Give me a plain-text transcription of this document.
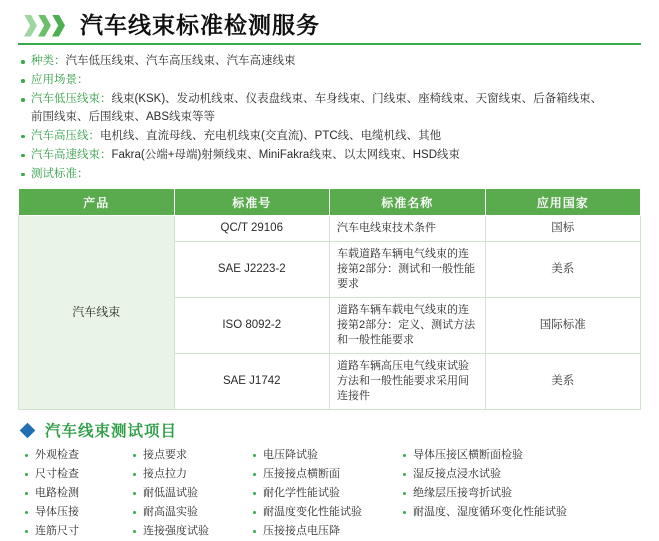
汽车线束标准检测服务
种类：汽车低压线束、汽车高压线束、汽车高速线束
应用场景：
汽车低压线束：线束(KSK)、发动机线束、仪表盘线束、车身线束、门线束、座椅线束、天窗线束、后备箱线束、
前围线束、后围线束、ABS线束等等
汽车高压线：电机线、直流母线、充电机线束(交直流)、PTC线、电缆机线、其他
汽车高速线束：Fakra(公端+母端)射频线束、MiniFakra线束、以太网线束、HSD线束
测试标准：
产品	标准号	标准名称	应用国家
汽车线束	QC/T 29106	汽车电线束技术条件	国标
	SAE J2223-2	车载道路车辆电气线束的连接第2部分：测试和一般性能要求	美系
	ISO 8092-2	道路车辆车载电气线束的连接第2部分：定义、测试方法和一般性能要求	国际标准
	SAE J1742	道路车辆高压电气线束试验方法和一般性能要求采用间连接件	美系
汽车线束测试项目
外观检查
尺寸检查
电路检测
导体压接
连筋尺寸
接点要求
接点拉力
耐低温试验
耐高温实验
连接强度试验
电压降试验
压接接点横断面
耐化学性能试验
耐温度变化性能试验
压接接点电压降
导体压接区横断面检验
湿反接点浸水试验
绝缘层压接弯折试验
耐温度、湿度循环变化性能试验
